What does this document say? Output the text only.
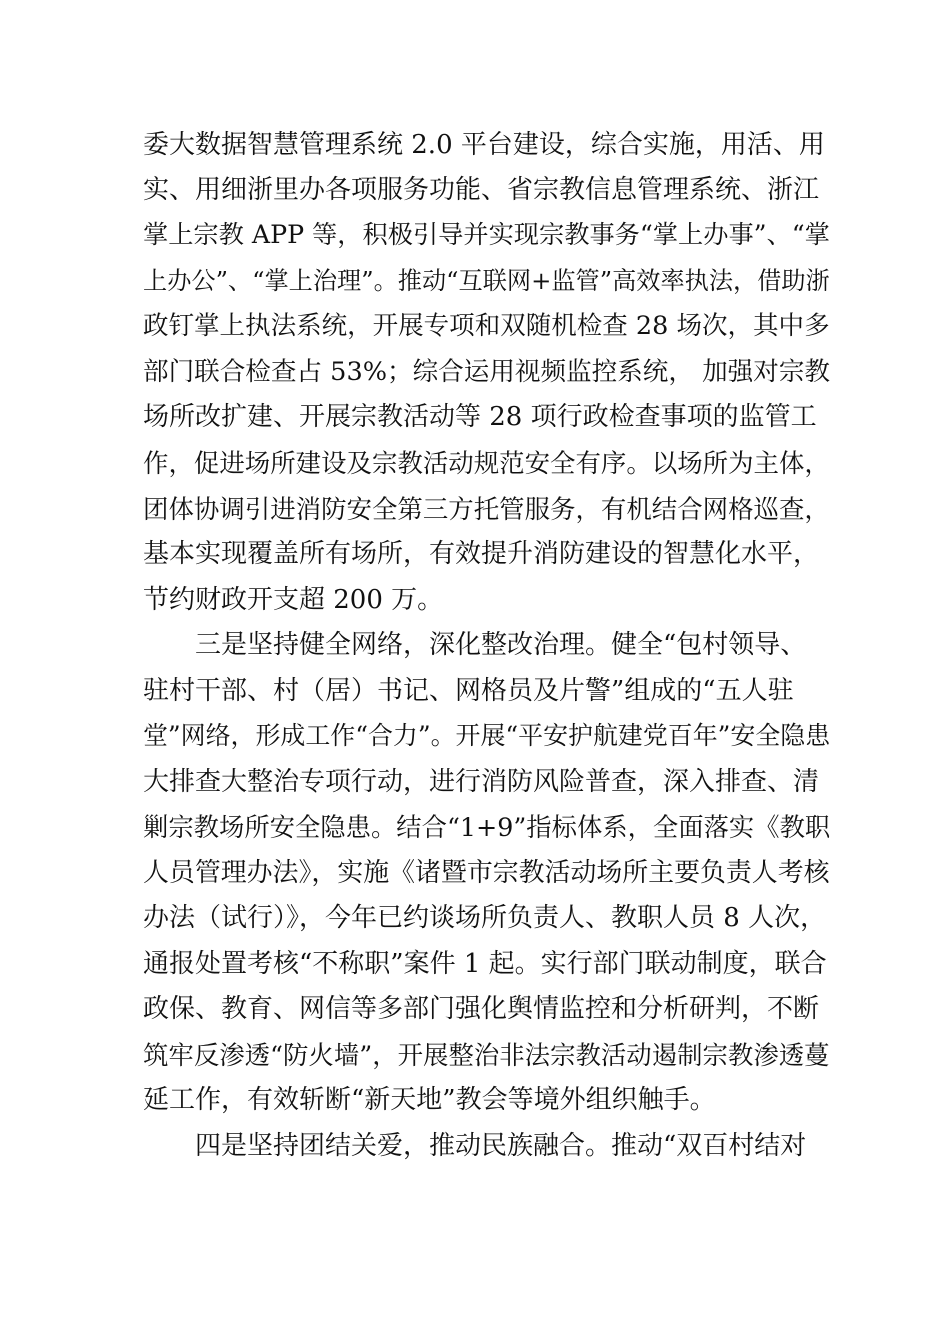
委大数据智慧管理系统 2.0 平台建设，综合实施，用活、用
实、用细浙里办各项服务功能、省宗教信息管理系统、浙江
掌上宗教 APP 等，积极引导并实现宗教事务“掌上办事”、“掌
上办公”、“掌上治理”。推动“互联网+监管”高效率执法，借助浙
政钉掌上执法系统，开展专项和双随机检查 28 场次，其中多
部门联合检查占 53%；综合运用视频监控系统， 加强对宗教
场所改扩建、开展宗教活动等 28 项行政检查事项的监管工
作，促进场所建设及宗教活动规范安全有序。以场所为主体，
团体协调引进消防安全第三方托管服务，有机结合网格巡查，
基本实现覆盖所有场所，有效提升消防建设的智慧化水平，
节约财政开支超 200 万。
三是坚持健全网络，深化整改治理。健全“包村领导、
驻村干部、村（居）书记、网格员及片警”组成的“五人驻
堂”网络，形成工作“合力”。开展“平安护航建党百年”安全隐患
大排查大整治专项行动，进行消防风险普查，深入排查、清
剿宗教场所安全隐患。结合“1+9”指标体系，全面落实《教职
人员管理办法》，实施《诸暨市宗教活动场所主要负责人考核
办法（试行）》，今年已约谈场所负责人、教职人员 8 人次，
通报处置考核“不称职”案件 1 起。实行部门联动制度，联合
政保、教育、网信等多部门强化舆情监控和分析研判，不断
筑牢反渗透“防火墙”，开展整治非法宗教活动遏制宗教渗透蔓
延工作，有效斩断“新天地”教会等境外组织触手。
四是坚持团结关爱，推动民族融合。推动“双百村结对
